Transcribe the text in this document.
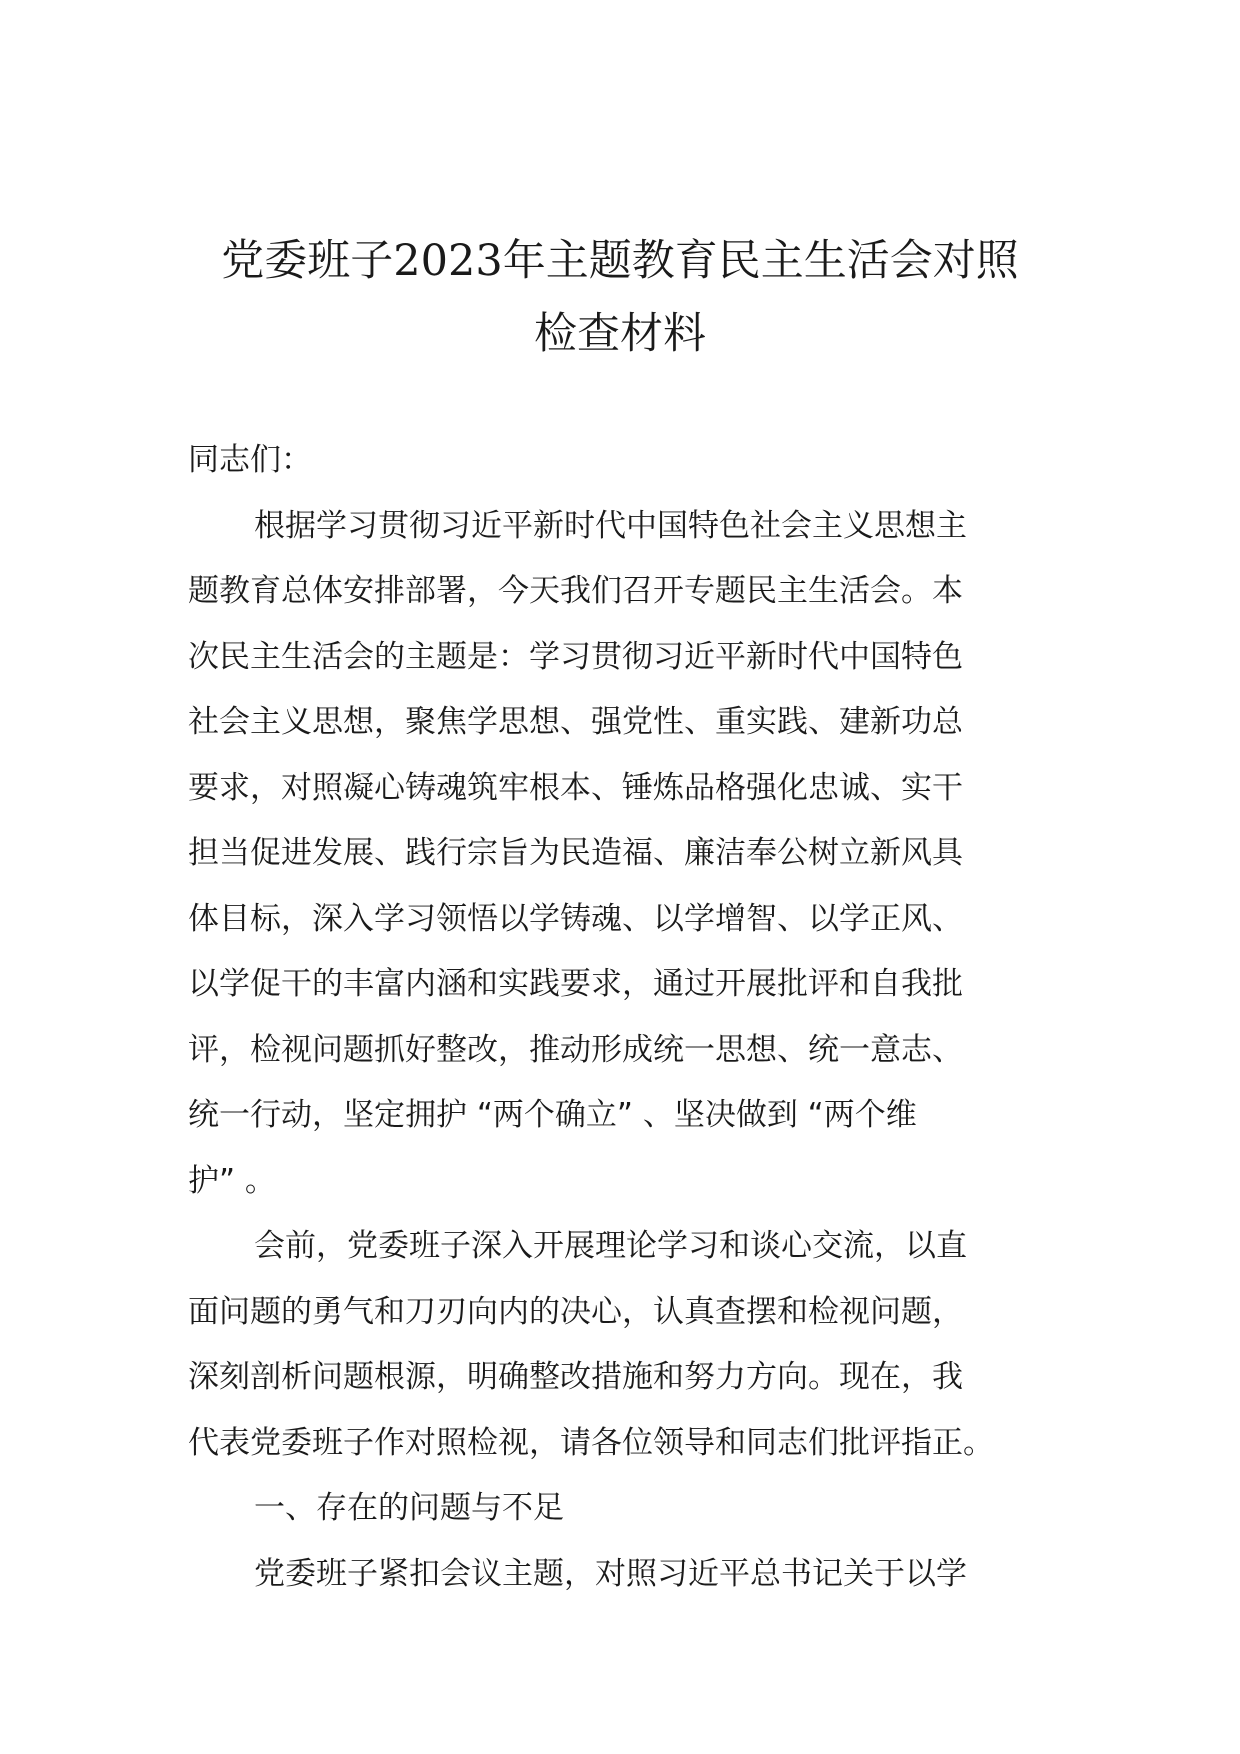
党委班子2023年主题教育民主生活会对照
检查材料
同志们：
根据学习贯彻习近平新时代中国特色社会主义思想主
题教育总体安排部署，今天我们召开专题民主生活会。本
次民主生活会的主题是：学习贯彻习近平新时代中国特色
社会主义思想，聚焦学思想、强党性、重实践、建新功总
要求，对照凝心铸魂筑牢根本、锤炼品格强化忠诚、实干
担当促进发展、践行宗旨为民造福、廉洁奉公树立新风具
体目标，深入学习领悟以学铸魂、以学增智、以学正风、
以学促干的丰富内涵和实践要求，通过开展批评和自我批
评，检视问题抓好整改，推动形成统一思想、统一意志、
统一行动，坚定拥护 “两个确立” 、坚决做到 “两个维
护” 。
会前，党委班子深入开展理论学习和谈心交流，以直
面问题的勇气和刀刃向内的决心，认真查摆和检视问题，
深刻剖析问题根源，明确整改措施和努力方向。现在，我
代表党委班子作对照检视，请各位领导和同志们批评指正。
一、存在的问题与不足
党委班子紧扣会议主题，对照习近平总书记关于以学
